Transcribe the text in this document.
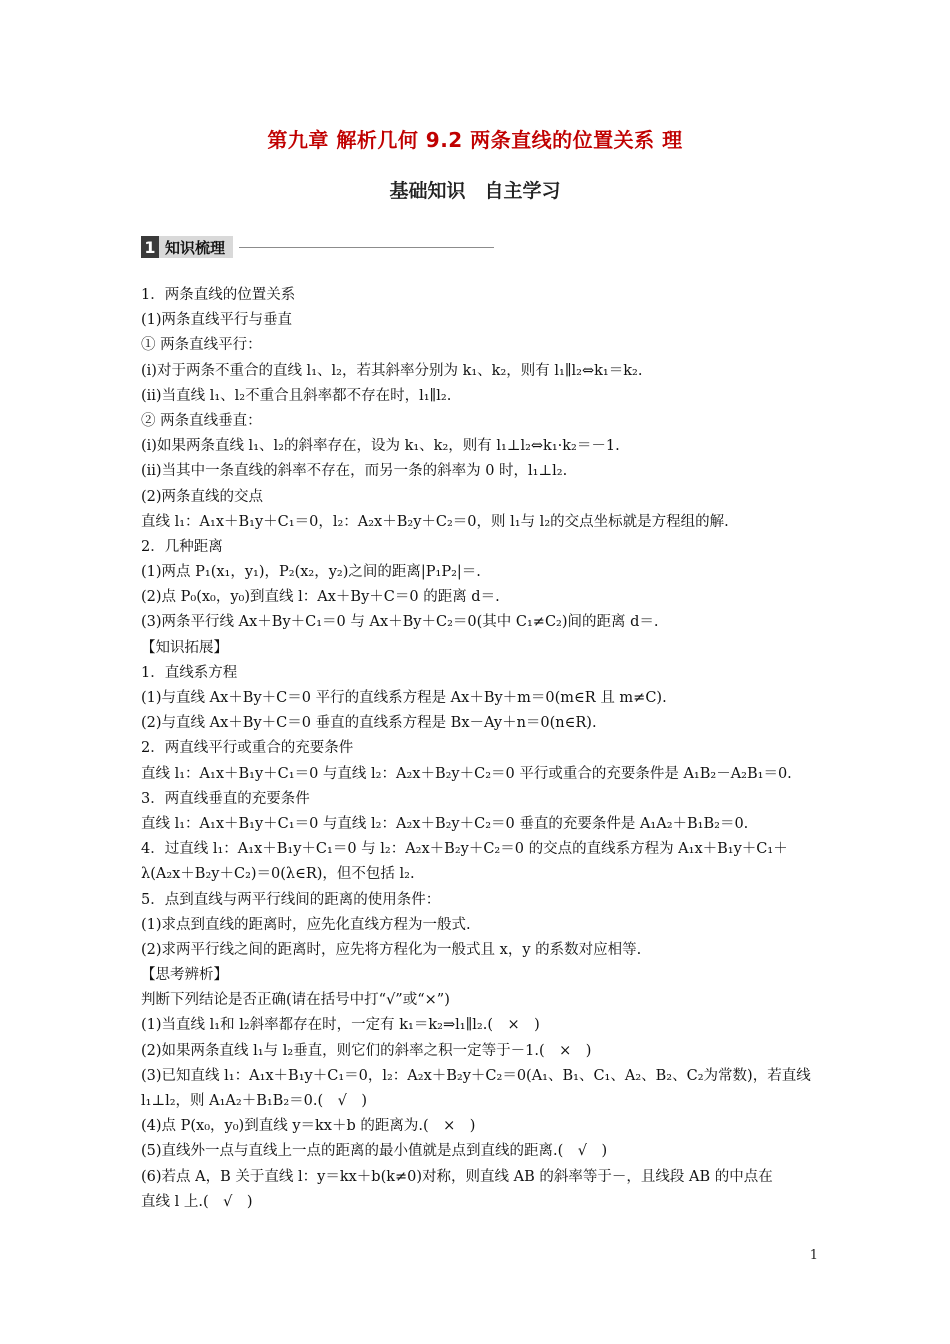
第九章 解析几何 9.2 两条直线的位置关系 理
基础知识　自主学习
1 知识梳理
1．两条直线的位置关系
(1)两条直线平行与垂直
① 两条直线平行：
(ⅰ)对于两条不重合的直线 l₁、l₂，若其斜率分别为 k₁、k₂，则有 l₁∥l₂⇔k₁＝k₂.
(ⅱ)当直线 l₁、l₂不重合且斜率都不存在时，l₁∥l₂.
② 两条直线垂直：
(ⅰ)如果两条直线 l₁、l₂的斜率存在，设为 k₁、k₂，则有 l₁⊥l₂⇔k₁·k₂＝－1.
(ⅱ)当其中一条直线的斜率不存在，而另一条的斜率为 0 时，l₁⊥l₂.
(2)两条直线的交点
直线 l₁：A₁x＋B₁y＋C₁＝0，l₂：A₂x＋B₂y＋C₂＝0，则 l₁与 l₂的交点坐标就是方程组的解.
2．几种距离
(1)两点 P₁(x₁，y₁)，P₂(x₂，y₂)之间的距离|P₁P₂|＝.
(2)点 P₀(x₀，y₀)到直线 l：Ax＋By＋C＝0 的距离 d＝.
(3)两条平行线 Ax＋By＋C₁＝0 与 Ax＋By＋C₂＝0(其中 C₁≠C₂)间的距离 d＝.
【知识拓展】
1．直线系方程
(1)与直线 Ax＋By＋C＝0 平行的直线系方程是 Ax＋By＋m＝0(m∈R 且 m≠C).
(2)与直线 Ax＋By＋C＝0 垂直的直线系方程是 Bx－Ay＋n＝0(n∈R).
2．两直线平行或重合的充要条件
直线 l₁：A₁x＋B₁y＋C₁＝0 与直线 l₂：A₂x＋B₂y＋C₂＝0 平行或重合的充要条件是 A₁B₂－A₂B₁＝0.
3．两直线垂直的充要条件
直线 l₁：A₁x＋B₁y＋C₁＝0 与直线 l₂：A₂x＋B₂y＋C₂＝0 垂直的充要条件是 A₁A₂＋B₁B₂＝0.
4．过直线 l₁：A₁x＋B₁y＋C₁＝0 与 l₂：A₂x＋B₂y＋C₂＝0 的交点的直线系方程为 A₁x＋B₁y＋C₁＋
λ(A₂x＋B₂y＋C₂)＝0(λ∈R)，但不包括 l₂.
5．点到直线与两平行线间的距离的使用条件：
(1)求点到直线的距离时，应先化直线方程为一般式.
(2)求两平行线之间的距离时，应先将方程化为一般式且 x，y 的系数对应相等.
【思考辨析】
判断下列结论是否正确(请在括号中打“√”或“×”)
(1)当直线 l₁和 l₂斜率都存在时，一定有 k₁＝k₂⇒l₁∥l₂.(　×　)
(2)如果两条直线 l₁与 l₂垂直，则它们的斜率之积一定等于－1.(　×　)
(3)已知直线 l₁：A₁x＋B₁y＋C₁＝0，l₂：A₂x＋B₂y＋C₂＝0(A₁、B₁、C₁、A₂、B₂、C₂为常数)，若直线
l₁⊥l₂，则 A₁A₂＋B₁B₂＝0.(　√　)
(4)点 P(x₀，y₀)到直线 y＝kx＋b 的距离为.(　×　)
(5)直线外一点与直线上一点的距离的最小值就是点到直线的距离.(　√　)
(6)若点 A，B 关于直线 l：y＝kx＋b(k≠0)对称，则直线 AB 的斜率等于－，且线段 AB 的中点在
直线 l 上.(　√　)
1
